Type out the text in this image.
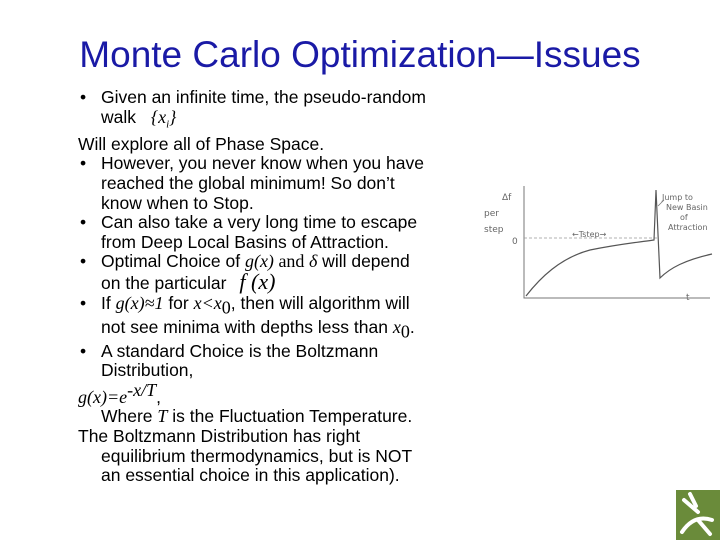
Monte Carlo Optimization—Issues
• Given an infinite time, the pseudo-random
walk $\{x_i\}$
Will explore all of Phase Space.
• However, you never know when you have
reached the global minimum! So don’t
know when to Stop.
• Can also take a very long time to escape
from Deep Local Basins of Attraction.
• Optimal Choice of g(x) and δ will depend
on the particular f (x)
• If g(x)≈1 for $x<x_0$, then will algorithm will
not see minima with depths less than $x_0$.
• A standard Choice is the Boltzmann
Distribution,
$g(x)=e^{-x/T}$,
Where T is the Fluctuation Temperature.
The Boltzmann Distribution has right
equilibrium thermodynamics, but is NOT
an essential choice in this application).
Δf
per
step
0
←Tstep→
t
Jump to
New Basin
of
Attraction
